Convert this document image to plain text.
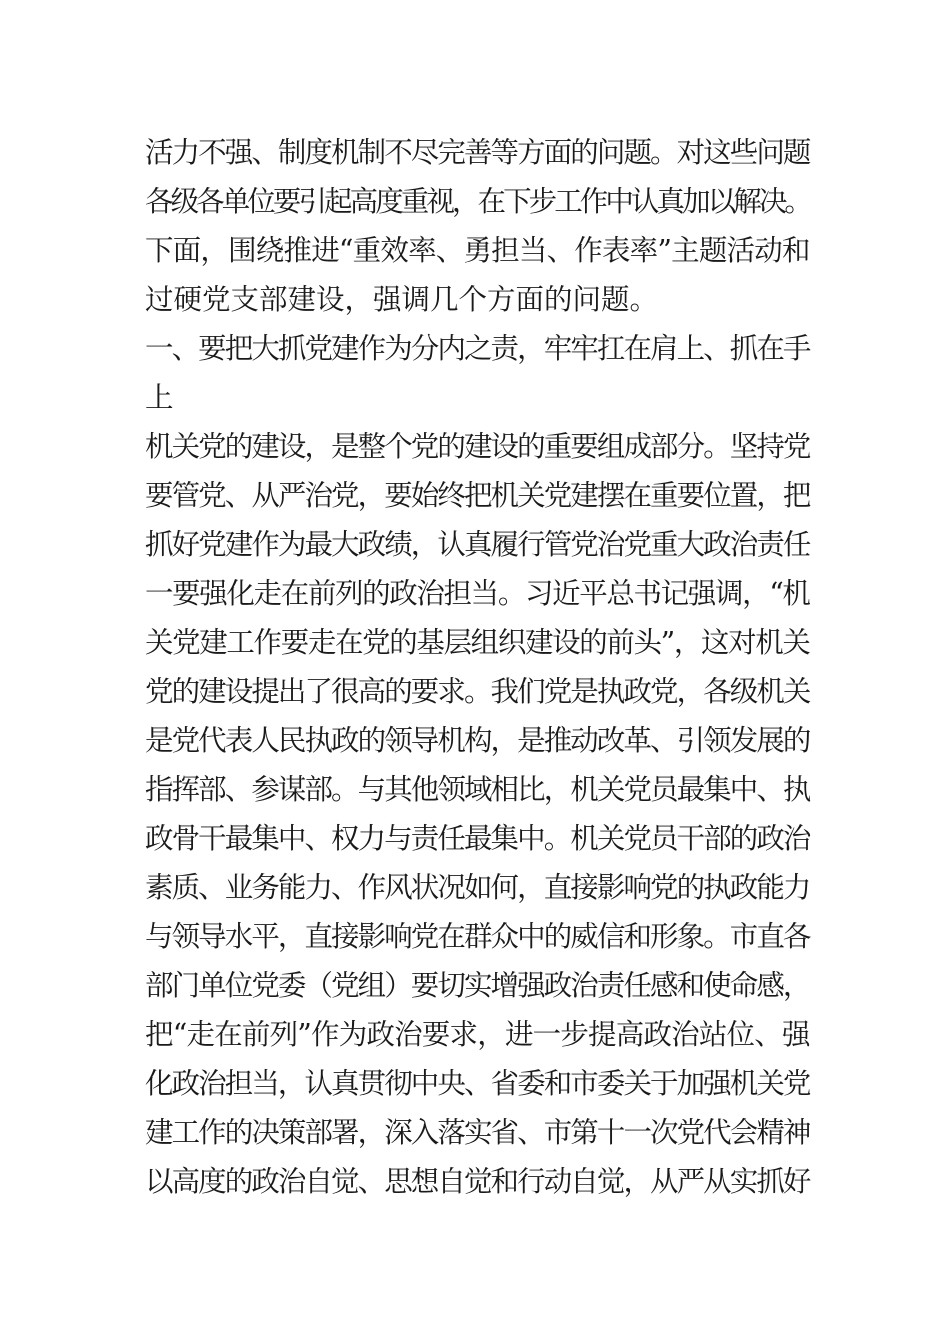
活力不强、制度机制不尽完善等方面的问题。对这些问题
各级各单位要引起高度重视，在下步工作中认真加以解决。
下面，围绕推进“重效率、勇担当、作表率”主题活动和
过硬党支部建设，强调几个方面的问题。
一、要把大抓党建作为分内之责，牢牢扛在肩上、抓在手
上
机关党的建设，是整个党的建设的重要组成部分。坚持党
要管党、从严治党，要始终把机关党建摆在重要位置，把
抓好党建作为最大政绩，认真履行管党治党重大政治责任
一要强化走在前列的政治担当。习近平总书记强调，“机
关党建工作要走在党的基层组织建设的前头”，这对机关
党的建设提出了很高的要求。我们党是执政党，各级机关
是党代表人民执政的领导机构，是推动改革、引领发展的
指挥部、参谋部。与其他领域相比，机关党员最集中、执
政骨干最集中、权力与责任最集中。机关党员干部的政治
素质、业务能力、作风状况如何，直接影响党的执政能力
与领导水平，直接影响党在群众中的威信和形象。市直各
部门单位党委（党组）要切实增强政治责任感和使命感，
把“走在前列”作为政治要求，进一步提高政治站位、强
化政治担当，认真贯彻中央、省委和市委关于加强机关党
建工作的决策部署，深入落实省、市第十一次党代会精神
以高度的政治自觉、思想自觉和行动自觉，从严从实抓好
